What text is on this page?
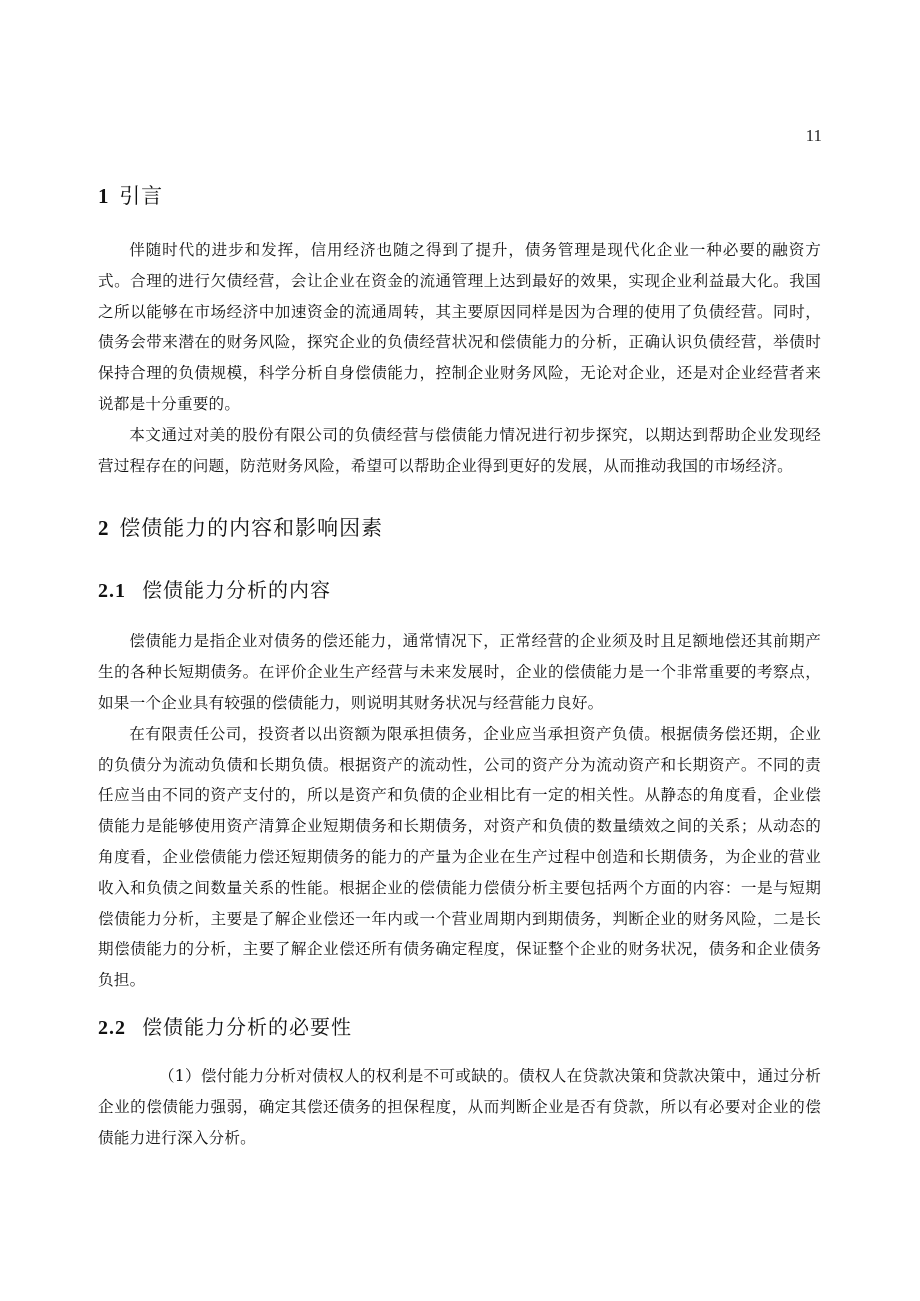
11
1 引言

伴随时代的进步和发挥，信用经济也随之得到了提升，债务管理是现代化企业一种必要的融资方式。合理的进行欠债经营，会让企业在资金的流通管理上达到最好的效果，实现企业利益最大化。我国之所以能够在市场经济中加速资金的流通周转，其主要原因同样是因为合理的使用了负债经营。同时，债务会带来潜在的财务风险，探究企业的负债经营状况和偿债能力的分析，正确认识负债经营，举债时保持合理的负债规模，科学分析自身偿债能力，控制企业财务风险，无论对企业，还是对企业经营者来说都是十分重要的。

本文通过对美的股份有限公司的负债经营与偿债能力情况进行初步探究，以期达到帮助企业发现经营过程存在的问题，防范财务风险，希望可以帮助企业得到更好的发展，从而推动我国的市场经济。

2 偿债能力的内容和影响因素
2.1 偿债能力分析的内容

偿债能力是指企业对债务的偿还能力，通常情况下，正常经营的企业须及时且足额地偿还其前期产生的各种长短期债务。在评价企业生产经营与未来发展时，企业的偿债能力是一个非常重要的考察点，如果一个企业具有较强的偿债能力，则说明其财务状况与经营能力良好。

在有限责任公司，投资者以出资额为限承担债务，企业应当承担资产负债。根据债务偿还期，企业的负债分为流动负债和长期负债。根据资产的流动性，公司的资产分为流动资产和长期资产。不同的责任应当由不同的资产支付的，所以是资产和负债的企业相比有一定的相关性。从静态的角度看，企业偿债能力是能够使用资产清算企业短期债务和长期债务，对资产和负债的数量绩效之间的关系；从动态的角度看，企业偿债能力偿还短期债务的能力的产量为企业在生产过程中创造和长期债务，为企业的营业收入和负债之间数量关系的性能。根据企业的偿债能力偿债分析主要包括两个方面的内容：一是与短期偿债能力分析，主要是了解企业偿还一年内或一个营业周期内到期债务，判断企业的财务风险，二是长期偿债能力的分析，主要了解企业偿还所有债务确定程度，保证整个企业的财务状况，债务和企业债务负担。

2.2 偿债能力分析的必要性

（1）偿付能力分析对债权人的权利是不可或缺的。债权人在贷款决策和贷款决策中，通过分析企业的偿债能力强弱，确定其偿还债务的担保程度，从而判断企业是否有贷款，所以有必要对企业的偿债能力进行深入分析。
